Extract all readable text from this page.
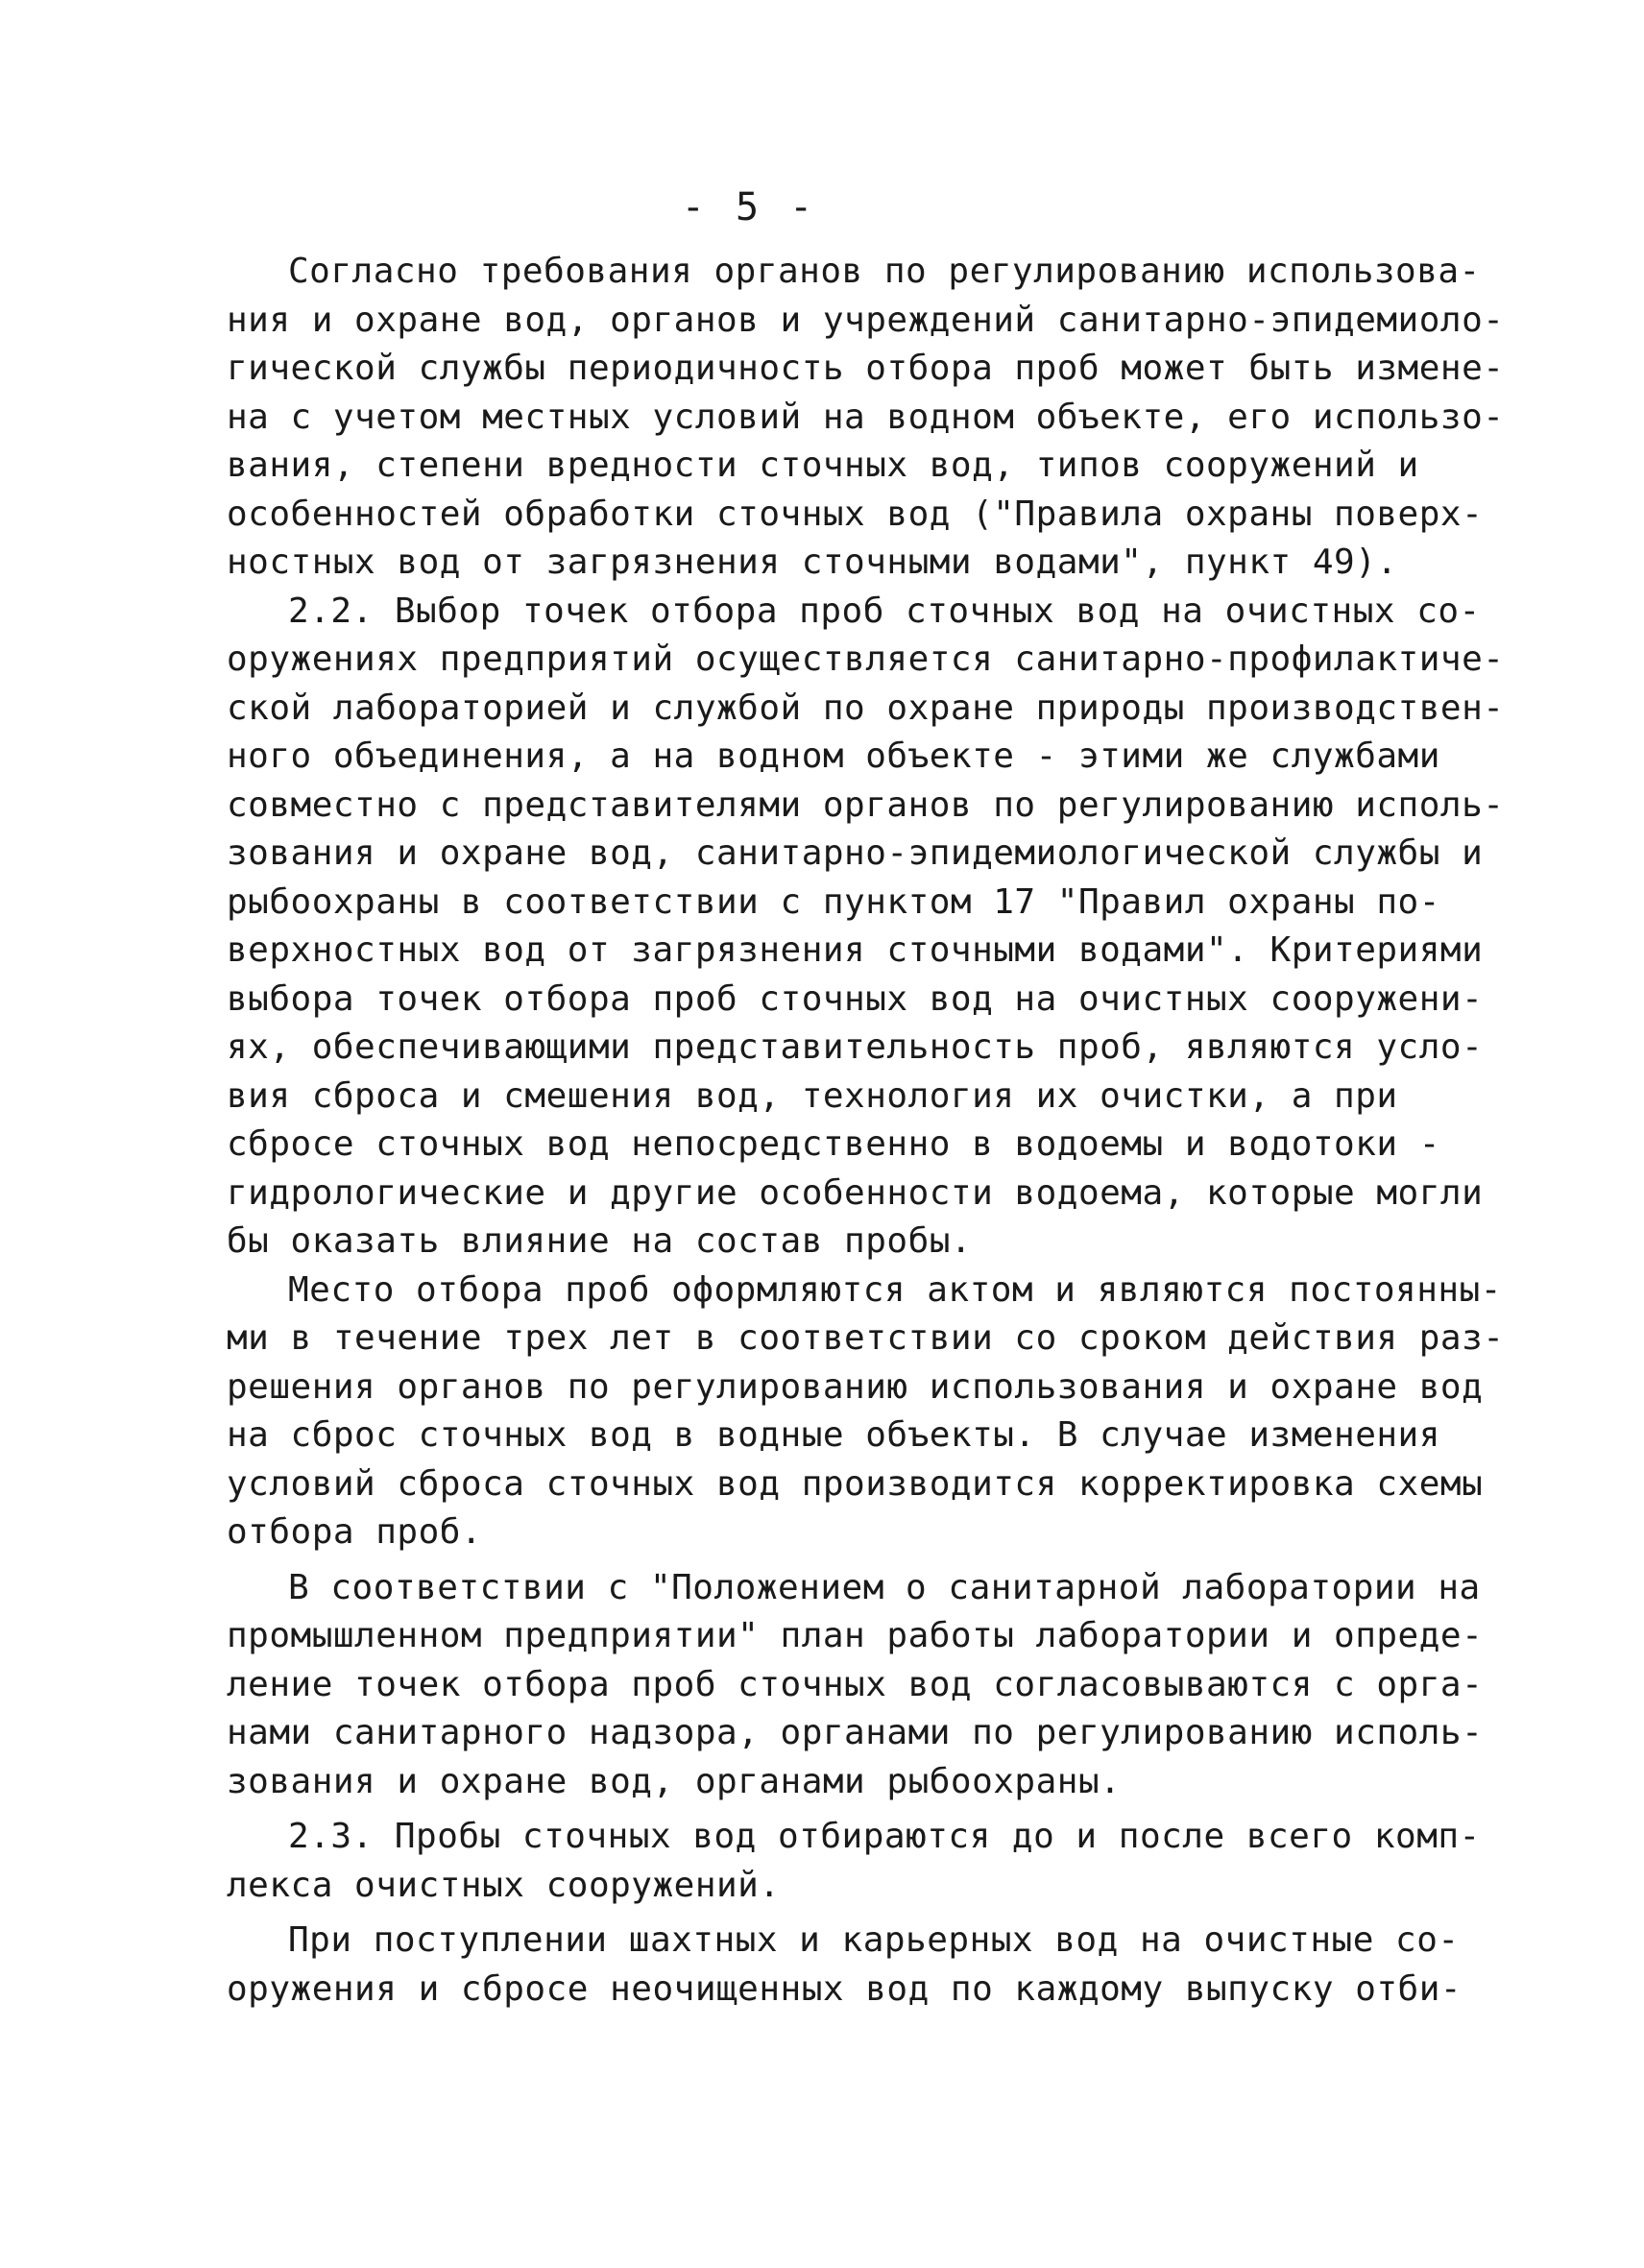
- 5 -
Согласно требования органов по регулированию использова-
ния и охране вод, органов и учреждений санитарно-эпидемиоло-
гической службы периодичность отбора проб может быть измене-
на с учетом местных условий на водном объекте, его использо-
вания, степени вредности сточных вод, типов сооружений и
особенностей обработки сточных вод ("Правила охраны поверх-
ностных вод от загрязнения сточными водами", пункт 49).
2.2. Выбор точек отбора проб сточных вод на очистных со-
оружениях предприятий осуществляется санитарно-профилактиче-
ской лабораторией и службой по охране природы производствен-
ного объединения, а на водном объекте - этими же службами
совместно с представителями органов по регулированию исполь-
зования и охране вод, санитарно-эпидемиологической службы и
рыбоохраны в соответствии с пунктом 17 "Правил охраны по-
верхностных вод от загрязнения сточными водами". Критериями
выбора точек отбора проб сточных вод на очистных сооружени-
ях, обеспечивающими представительность проб, являются усло-
вия сброса и смешения вод, технология их очистки, а при
сбросе сточных вод непосредственно в водоемы и водотоки -
гидрологические и другие особенности водоема, которые могли
бы оказать влияние на состав пробы.
Место отбора проб оформляются актом и являются постоянны-
ми в течение трех лет в соответствии со сроком действия раз-
решения органов по регулированию использования и охране вод
на сброс сточных вод в водные объекты. В случае изменения
условий сброса сточных вод производится корректировка схемы
отбора проб.
В соответствии с "Положением о санитарной лаборатории на
промышленном предприятии" план работы лаборатории и опреде-
ление точек отбора проб сточных вод согласовываются с орга-
нами санитарного надзора, органами по регулированию исполь-
зования и охране вод, органами рыбоохраны.
2.3. Пробы сточных вод отбираются до и после всего комп-
лекса очистных сооружений.
При поступлении шахтных и карьерных вод на очистные со-
оружения и сбросе неочищенных вод по каждому выпуску отби-
